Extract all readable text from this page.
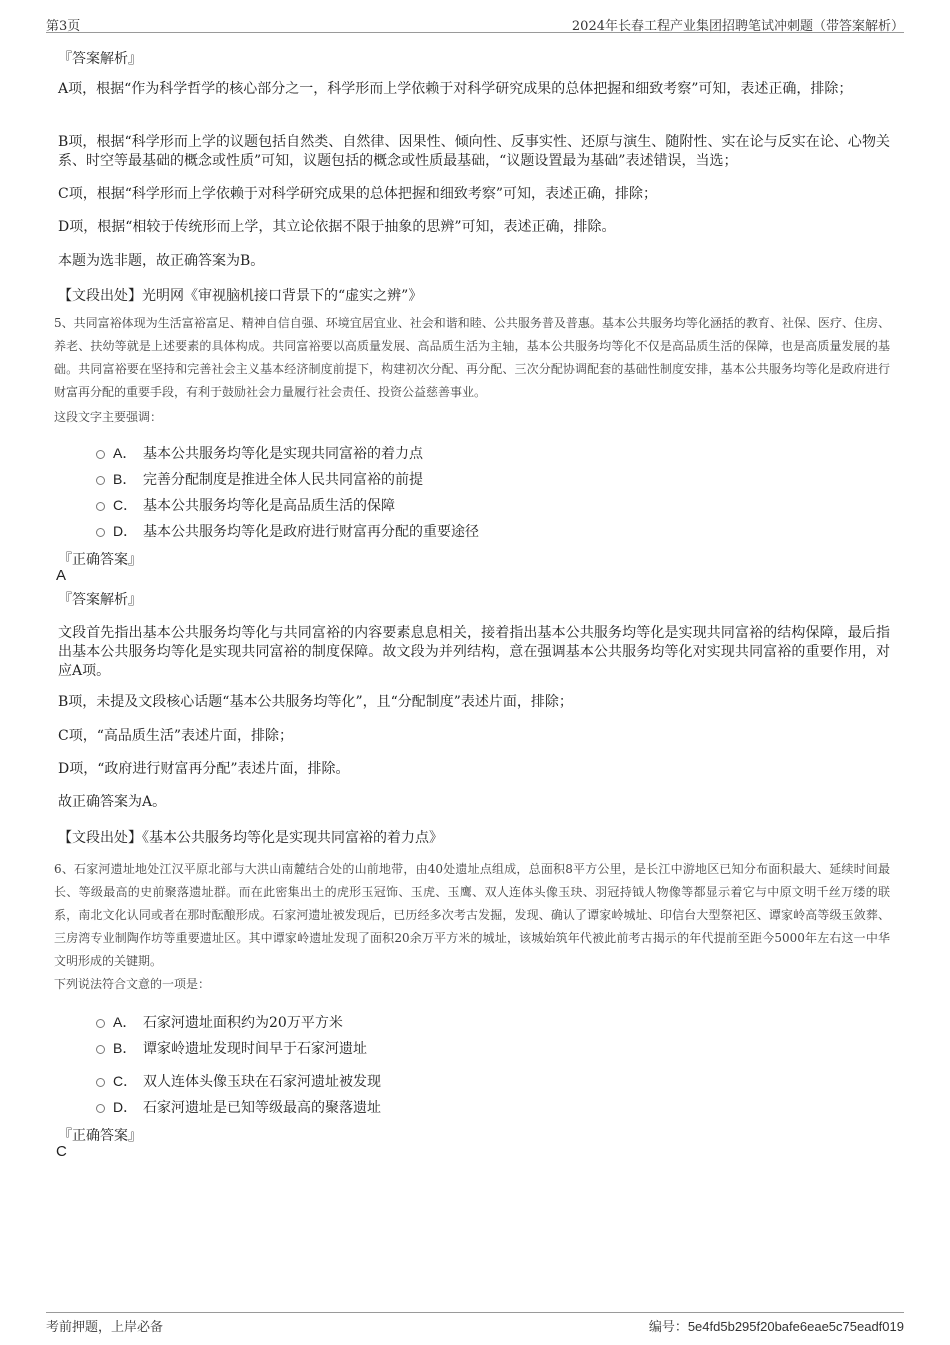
第3页	2024年长春工程产业集团招聘笔试冲刺题（带答案解析）
『答案解析』
A项，根据“作为科学哲学的核心部分之一，科学形而上学依赖于对科学研究成果的总体把握和细致考察”可知，表述正确，排除；
B项，根据“科学形而上学的议题包括自然类、自然律、因果性、倾向性、反事实性、还原与演生、随附性、实在论与反实在论、心物关系、时空等最基础的概念或性质”可知，议题包括的概念或性质最基础，“议题设置最为基础”表述错误，当选；
C项，根据“科学形而上学依赖于对科学研究成果的总体把握和细致考察”可知，表述正确，排除；
D项，根据“相较于传统形而上学，其立论依据不限于抽象的思辨”可知，表述正确，排除。
本题为选非题，故正确答案为B。
【文段出处】光明网《审视脑机接口背景下的“虚实之辨”》
5、共同富裕体现为生活富裕富足、精神自信自强、环境宜居宜业、社会和谐和睦、公共服务普及普惠。基本公共服务均等化涵括的教育、社保、医疗、住房、养老、扶幼等就是上述要素的具体构成。共同富裕要以高质量发展、高品质生活为主轴，基本公共服务均等化不仅是高品质生活的保障，也是高质量发展的基础。共同富裕要在坚持和完善社会主义基本经济制度前提下，构建初次分配、再分配、三次分配协调配套的基础性制度安排，基本公共服务均等化是政府进行财富再分配的重要手段，有利于鼓励社会力量履行社会责任、投资公益慈善事业。
这段文字主要强调：
A． 基本公共服务均等化是实现共同富裕的着力点
B． 完善分配制度是推进全体人民共同富裕的前提
C． 基本公共服务均等化是高品质生活的保障
D． 基本公共服务均等化是政府进行财富再分配的重要途径
『正确答案』
A
『答案解析』
文段首先指出基本公共服务均等化与共同富裕的内容要素息息相关，接着指出基本公共服务均等化是实现共同富裕的结构保障，最后指出基本公共服务均等化是实现共同富裕的制度保障。故文段为并列结构，意在强调基本公共服务均等化对实现共同富裕的重要作用，对应A项。
B项，未提及文段核心话题“基本公共服务均等化”，且“分配制度”表述片面，排除；
C项，“高品质生活”表述片面，排除；
D项，“政府进行财富再分配”表述片面，排除。
故正确答案为A。
【文段出处】《基本公共服务均等化是实现共同富裕的着力点》
6、石家河遗址地处江汉平原北部与大洪山南麓结合处的山前地带，由40处遗址点组成，总面积8平方公里，是长江中游地区已知分布面积最大、延续时间最长、等级最高的史前聚落遗址群。而在此密集出土的虎形玉冠饰、玉虎、玉鹰、双人连体头像玉玦、羽冠持钺人物像等都显示着它与中原文明千丝万缕的联系，南北文化认同或者在那时酝酿形成。石家河遗址被发现后，已历经多次考古发掘，发现、确认了谭家岭城址、印信台大型祭祀区、谭家岭高等级玉敛葬、三房湾专业制陶作坊等重要遗址区。其中谭家岭遗址发现了面积20余万平方米的城址，该城始筑年代被此前考古揭示的年代提前至距今5000年左右这一中华文明形成的关键期。
下列说法符合文意的一项是：
A． 石家河遗址面积约为20万平方米
B． 谭家岭遗址发现时间早于石家河遗址
C． 双人连体头像玉玦在石家河遗址被发现
D． 石家河遗址是已知等级最高的聚落遗址
『正确答案』
C
考前押题，上岸必备	编号：5e4fd5b295f20bafe6eae5c75eadf019
